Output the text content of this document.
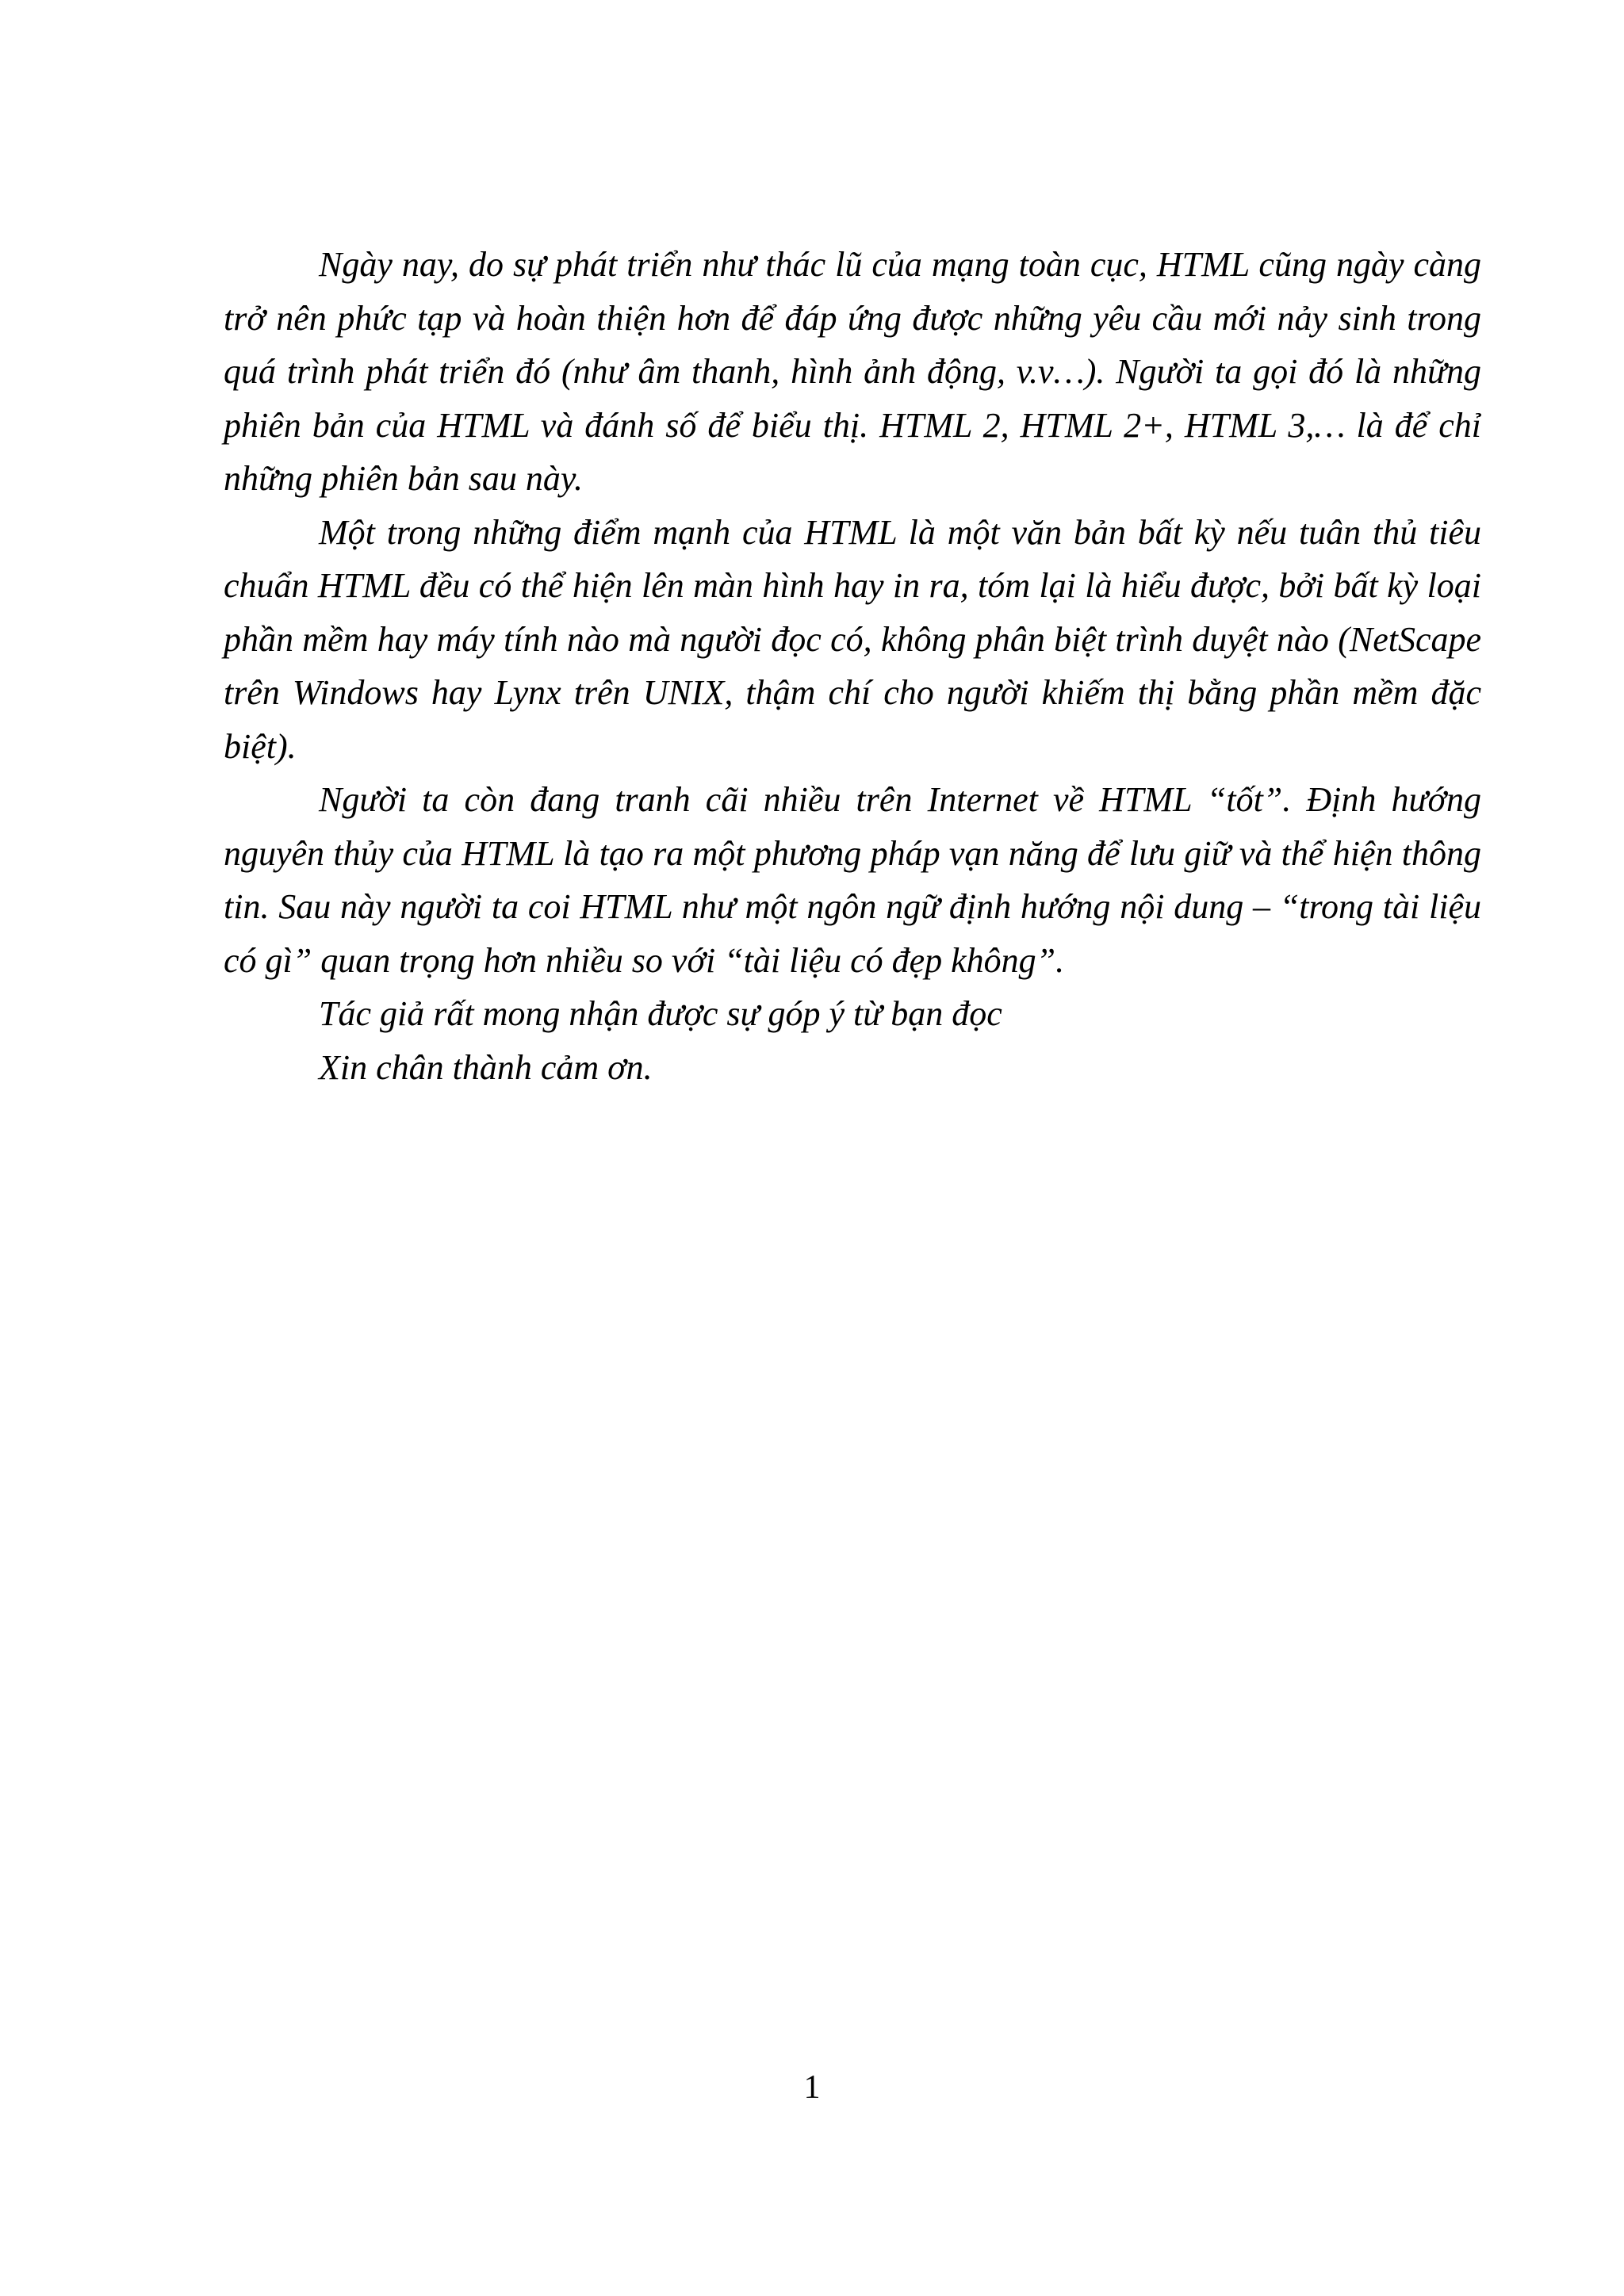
Ngày nay, do sự phát triển như thác lũ của mạng toàn cục, HTML cũng ngày càng trở nên phức tạp và hoàn thiện hơn để đáp ứng được những yêu cầu mới nảy sinh trong quá trình phát triển đó (như âm thanh, hình ảnh động, v.v…). Người ta gọi đó là những phiên bản của HTML và đánh số để biểu thị. HTML 2, HTML 2+, HTML 3,… là để chỉ những phiên bản sau này.

Một trong những điểm mạnh của HTML là một văn bản bất kỳ nếu tuân thủ tiêu chuẩn HTML đều có thể hiện lên màn hình hay in ra, tóm lại là hiểu được, bởi bất kỳ loại phần mềm hay máy tính nào mà người đọc có, không phân biệt trình duyệt nào (NetScape trên Windows hay Lynx trên UNIX, thậm chí cho người khiếm thị bằng phần mềm đặc biệt).

Người ta còn đang tranh cãi nhiều trên Internet về HTML “tốt”. Định hướng nguyên thủy của HTML là tạo ra một phương pháp vạn năng để lưu giữ và thể hiện thông tin. Sau này người ta coi HTML như một ngôn ngữ định hướng nội dung – “trong tài liệu có gì” quan trọng hơn nhiều so với “tài liệu có đẹp không”.

Tác giả rất mong nhận được sự góp ý từ bạn đọc

Xin chân thành cảm ơn.

1
